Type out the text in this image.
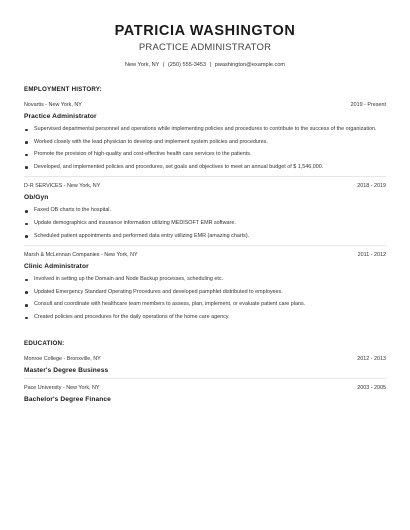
PATRICIA WASHINGTON
PRACTICE ADMINISTRATOR
New York, NY | (250) 555-3453 | pwashington@example.com
EMPLOYMENT HISTORY:
Novartis - New York, NY	2019 - Present
Practice Administrator
Supervised departmental personnel and operations while implementing policies and procedures to contribute to the success of the organization.
Worked closely with the lead physician to develop and implement system policies and procedures.
Promote the provision of high-quality and cost-effective health care services to the patients.
Developed, and implemented policies and procedures, set goals and objectives to meet an annual budget of $ 1,546,000.
D-R SERVICES - New York, NY	2018 - 2019
Ob/Gyn
Faxed OB charts to the hospital.
Update demographics and insurance information utilizing MEDISOFT EMR software.
Scheduled patient appointments and performed data entry utilizing EMR (amazing charts).
Marsh & McLennan Companies - New York, NY	2011 - 2012
Clinic Administrator
Involved in setting up the Domain and Node Backup processes, scheduling etc.
Updated Emergency Standard Operating Procedures and developed pamphlet distributed to employees.
Consult and coordinate with healthcare team members to assess, plan, implement, or evaluate patient care plans.
Created policies and procedures for the daily operations of the home care agency.
EDUCATION:
Monroe College - Bronxville, NY	2012 - 2013
Master's Degree Business
Pace University - New York, NY	2003 - 2005
Bachelor's Degree Finance
